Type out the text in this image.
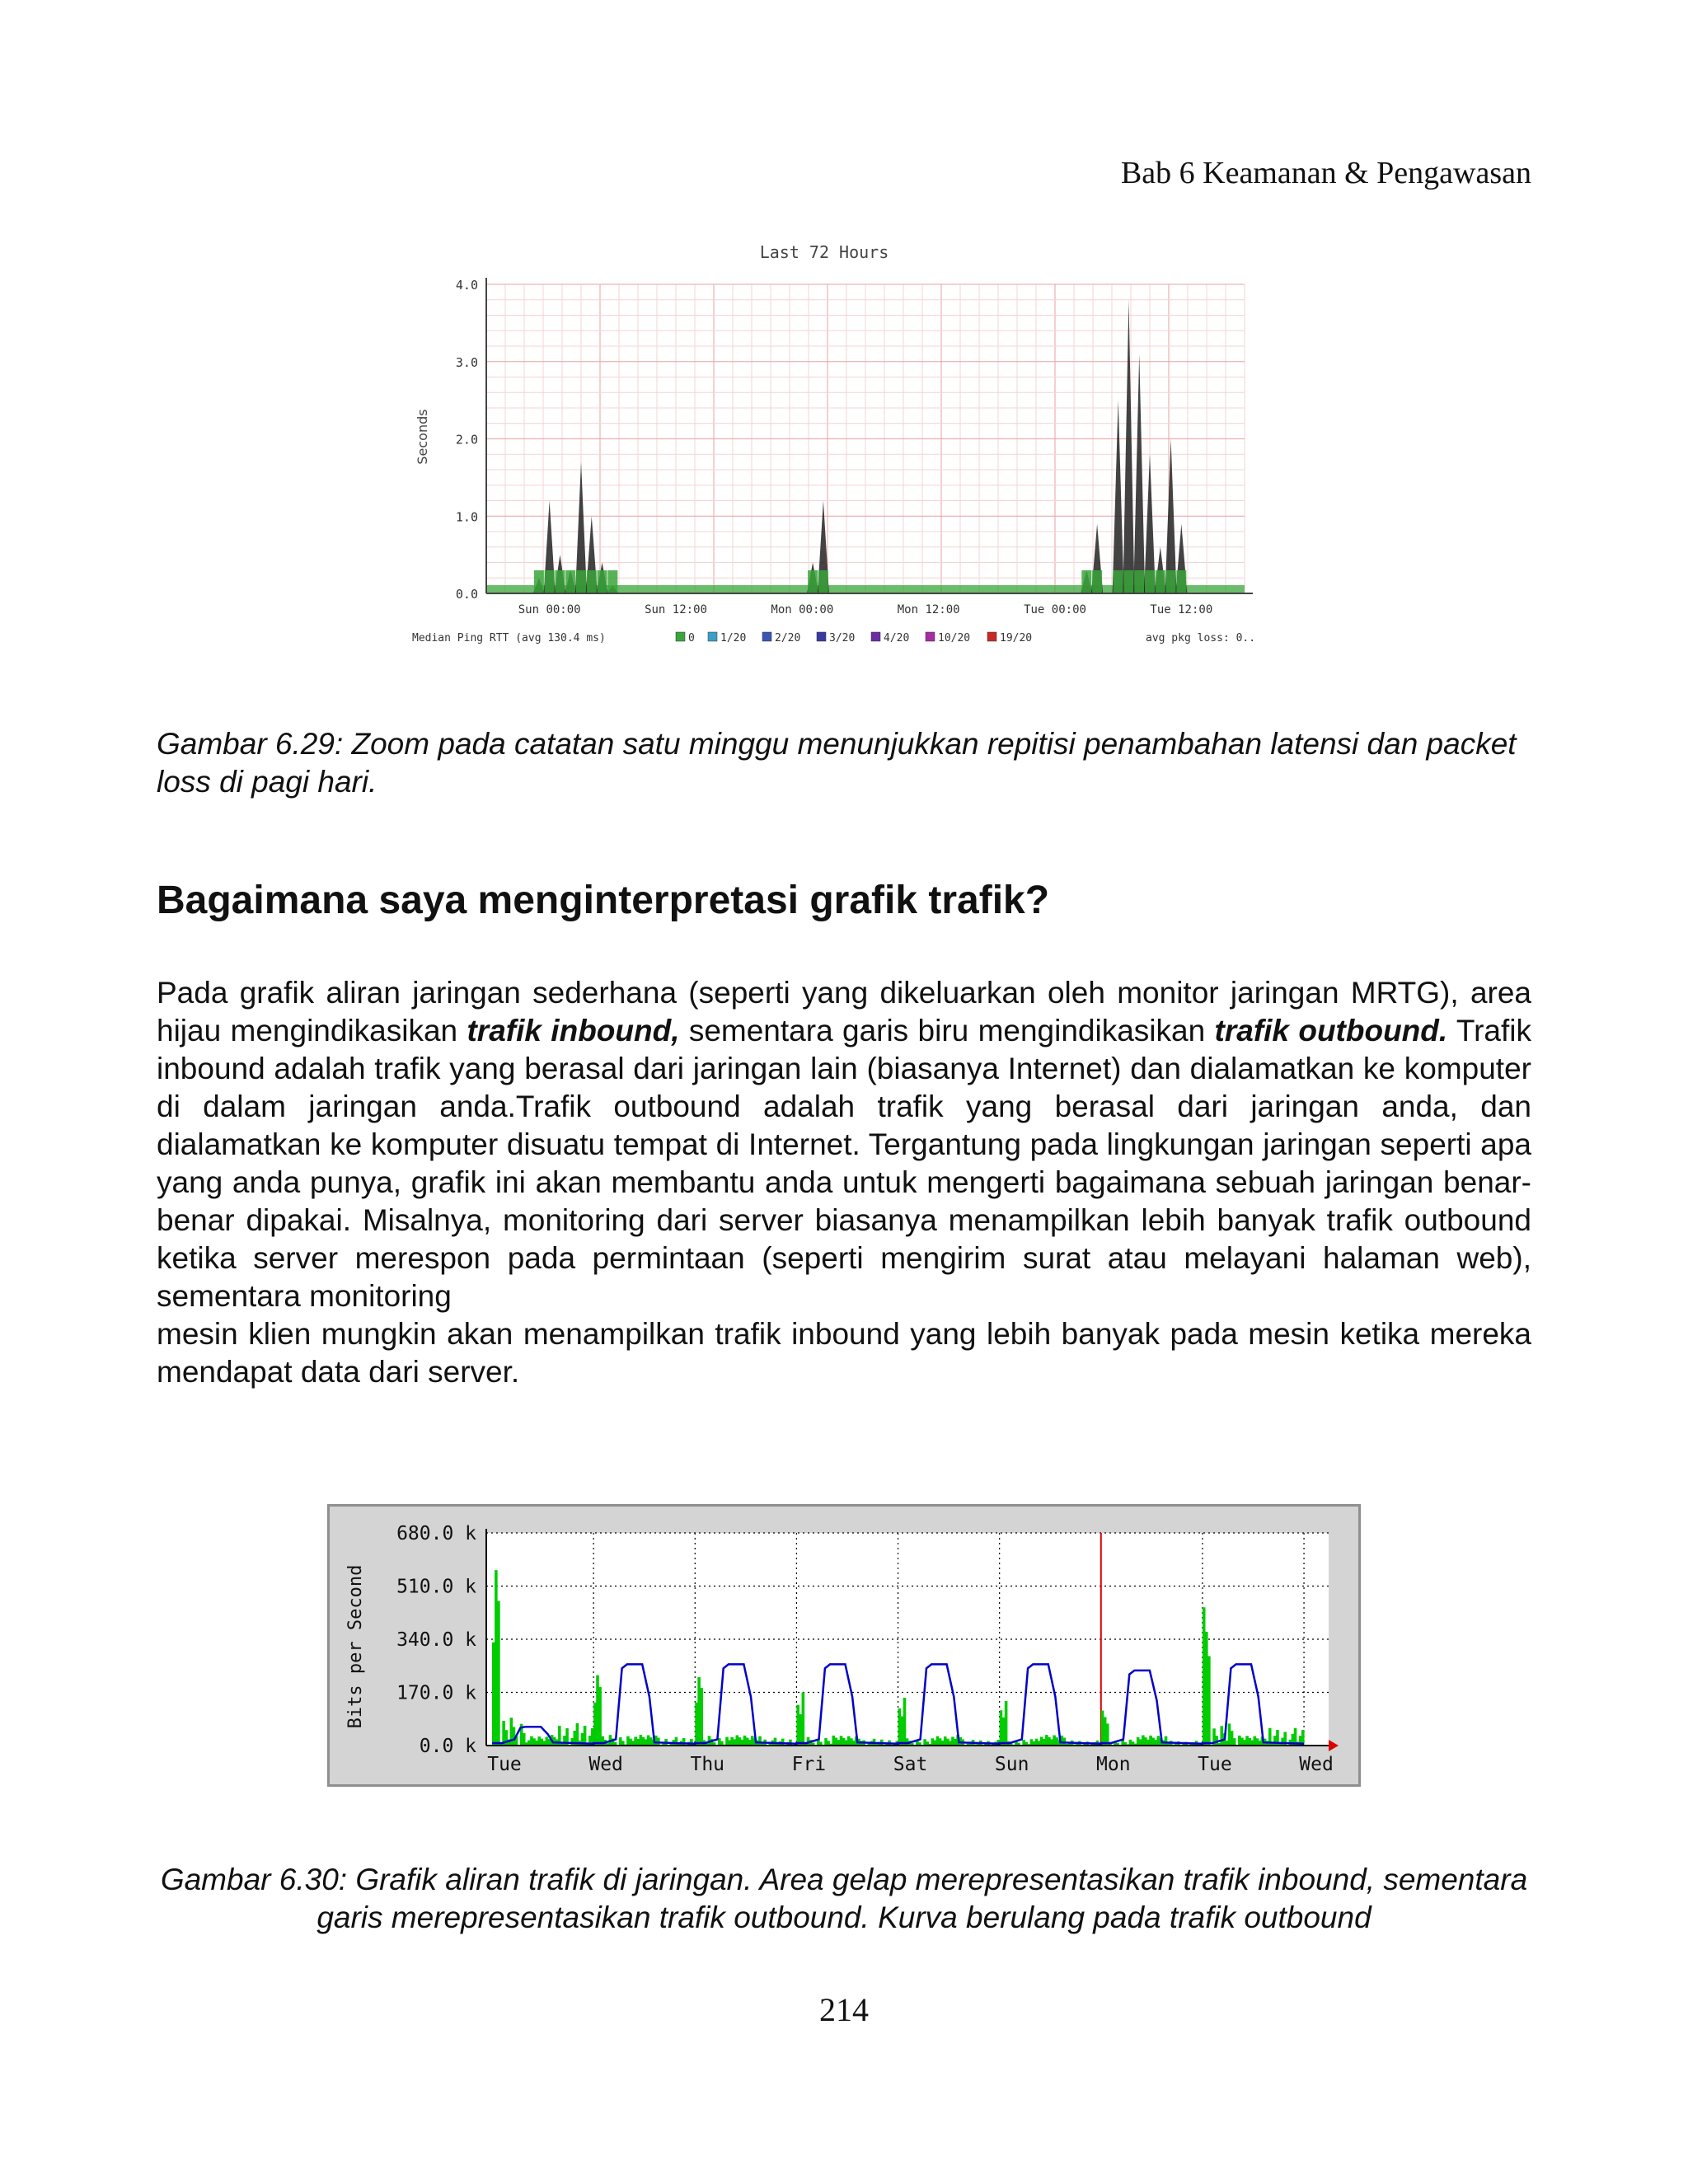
Bab 6 Keamanan & Pengawasan
Last 72 Hours
Seconds
0.0
1.0
2.0
3.0
4.0
Sun 00:00	Sun 12:00	Mon 00:00	Mon 12:00	Tue 00:00	Tue 12:00
Median Ping RTT (avg 130.4 ms)	0 1/20	2/20	3/20	4/20	10/20	19/20	avg pkg loss: 0..
Gambar 6.29: Zoom pada catatan satu minggu menunjukkan repitisi penambahan latensi dan packet loss di pagi hari.
Bagaimana saya menginterpretasi grafik trafik?

Pada grafik aliran jaringan sederhana (seperti yang dikeluarkan oleh monitor jaringan MRTG), area hijau mengindikasikan trafik inbound, sementara garis biru mengindikasikan trafik outbound. Trafik inbound adalah trafik yang berasal dari jaringan lain (biasanya Internet) dan dialamatkan ke komputer di dalam jaringan anda.Trafik outbound adalah trafik yang berasal dari jaringan anda, dan dialamatkan ke komputer disuatu tempat di Internet. Tergantung pada lingkungan jaringan seperti apa yang anda punya, grafik ini akan membantu anda untuk mengerti bagaimana sebuah jaringan benar-benar dipakai. Misalnya, monitoring dari server biasanya menampilkan lebih banyak trafik outbound ketika server merespon pada permintaan (seperti mengirim surat atau melayani halaman web), sementara monitoring

mesin klien mungkin akan menampilkan trafik inbound yang lebih banyak pada mesin ketika mereka mendapat data dari server.

Bits per Second
0.0 k
170.0 k
340.0 k
510.0 k
680.0 k
Tue	Wed	Thu	Fri	Sat	Sun	Mon	Tue	Wed
Gambar 6.30: Grafik aliran trafik di jaringan. Area gelap merepresentasikan trafik inbound, sementara garis merepresentasikan trafik outbound. Kurva berulang pada trafik outbound
214
